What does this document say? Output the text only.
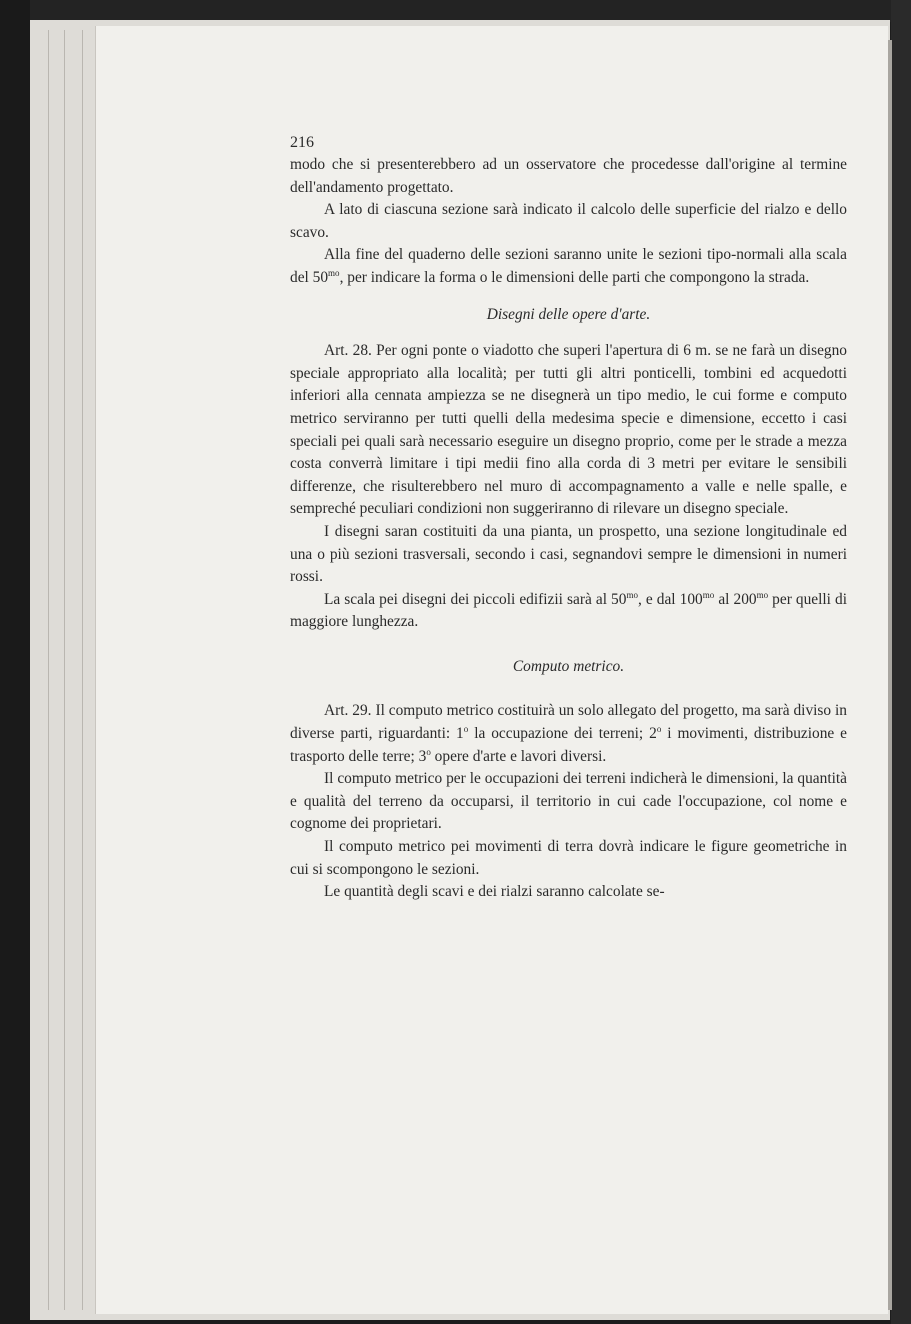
216

modo che si presenterebbero ad un osservatore che procedesse dall'origine al termine dell'andamento progettato.

A lato di ciascuna sezione sarà indicato il calcolo delle superficie del rialzo e dello scavo.

Alla fine del quaderno delle sezioni saranno unite le sezioni tipo-normali alla scala del $50^{mo}$, per indicare la forma o le dimensioni delle parti che compongono la strada.

Disegni delle opere d'arte.

Art. 28. Per ogni ponte o viadotto che superi l'apertura di 6 m. se ne farà un disegno speciale appropriato alla località; per tutti gli altri ponticelli, tombini ed acquedotti inferiori alla cennata ampiezza se ne disegnerà un tipo medio, le cui forme e computo metrico serviranno per tutti quelli della medesima specie e dimensione, eccetto i casi speciali pei quali sarà necessario eseguire un disegno proprio, come per le strade a mezza costa converrà limitare i tipi medii fino alla corda di 3 metri per evitare le sensibili differenze, che risulterebbero nel muro di accompagnamento a valle e nelle spalle, e sempreché peculiari condizioni non suggeriranno di rilevare un disegno speciale.

I disegni saran costituiti da una pianta, un prospetto, una sezione longitudinale ed una o più sezioni trasversali, secondo i casi, segnandovi sempre le dimensioni in numeri rossi.

La scala pei disegni dei piccoli edifizii sarà al $50^{mo}$, e dal $100^{mo}$ al $200^{mo}$ per quelli di maggiore lunghezza.

Computo metrico.

Art. 29. Il computo metrico costituirà un solo allegato del progetto, ma sarà diviso in diverse parti, riguardanti: 1$^o$ la occupazione dei terreni; 2$^o$ i movimenti, distribuzione e trasporto delle terre; 3$^o$ opere d'arte e lavori diversi.

Il computo metrico per le occupazioni dei terreni indicherà le dimensioni, la quantità e qualità del terreno da occuparsi, il territorio in cui cade l'occupazione, col nome e cognome dei proprietari.

Il computo metrico pei movimenti di terra dovrà indicare le figure geometriche in cui si scompongono le sezioni.

Le quantità degli scavi e dei rialzi saranno calcolate se-
